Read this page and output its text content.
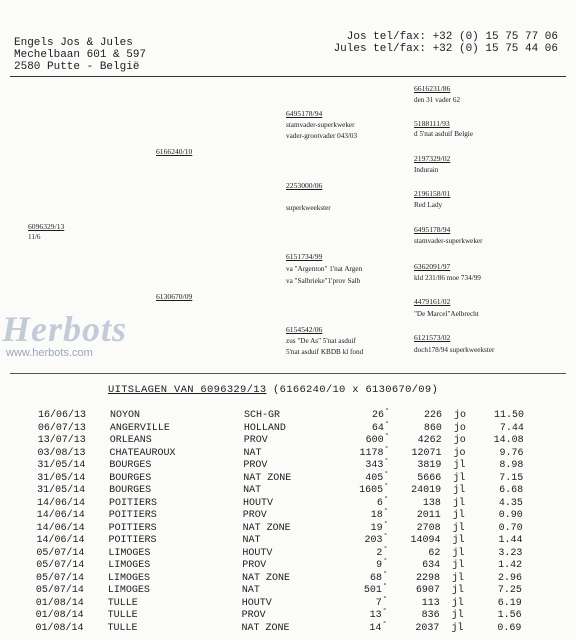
Engels Jos & Jules
Mechelbaan 601 & 597
2580 Putte - België
Jos tel/fax: +32 (0) 15 75 77 06
Jules tel/fax: +32 (0) 15 75 44 06
6096329/13
11/6
6166240/10
6130670/09
6495178/94
stamvader-superkweker
vader-grootvader 043/03
2253000/06
superkweekster
6151734/99
va "Argenton" 1'nat Argen
va "Salbrieke"1'prov Salb
6154542/06
zus "De As" 5'nat asduif
5'nat asduif KBDB kl fond
6616231/86
den 31 vader 62
5188111/93
d 5'nat asduif Belgie
2197329/02
Indurain
2196158/01
Red Lady
6495178/94
stamvader-superkweker
6362091/97
kld 231/86 moe 734/99
4479161/02
"De Marcel"Aelbrecht
6121573/02
doch178/94 superkweekster
Herbots
www.herbots.com
UITSLAGEN VAN 6096329/13 (6166240/10 x 6130670/09)
16/06/13	NOYON	SCH-GR	26 °	226 jo	11.50
06/07/13	ANGERVILLE	HOLLAND	64 °	860 jo	7.44
13/07/13	ORLEANS	PROV	600 °	4262 jo	14.08
03/08/13	CHATEAUROUX	NAT	1178 °	12071 jo	9.76
31/05/14	BOURGES	PROV	343 °	3819 jl	8.98
31/05/14	BOURGES	NAT ZONE	405 °	5666 jl	7.15
31/05/14	BOURGES	NAT	1605 °	24019 jl	6.68
14/06/14	POITIERS	HOUTV	6 °	138 jl	4.35
14/06/14	POITIERS	PROV	18 °	2011 jl	0.90
14/06/14	POITIERS	NAT ZONE	19 °	2708 jl	0.70
14/06/14	POITIERS	NAT	203 °	14094 jl	1.44
05/07/14	LIMOGES	HOUTV	2 °	62 jl	3.23
05/07/14	LIMOGES	PROV	9 °	634 jl	1.42
05/07/14	LIMOGES	NAT ZONE	68 °	2298 jl	2.96
05/07/14	LIMOGES	NAT	501 °	6907 jl	7.25
01/08/14	TULLE	HOUTV	7 °	113 jl	6.19
01/08/14	TULLE	PROV	13 °	836 jl	1.56
01/08/14	TULLE	NAT ZONE	14 °	2037 jl	0.69
